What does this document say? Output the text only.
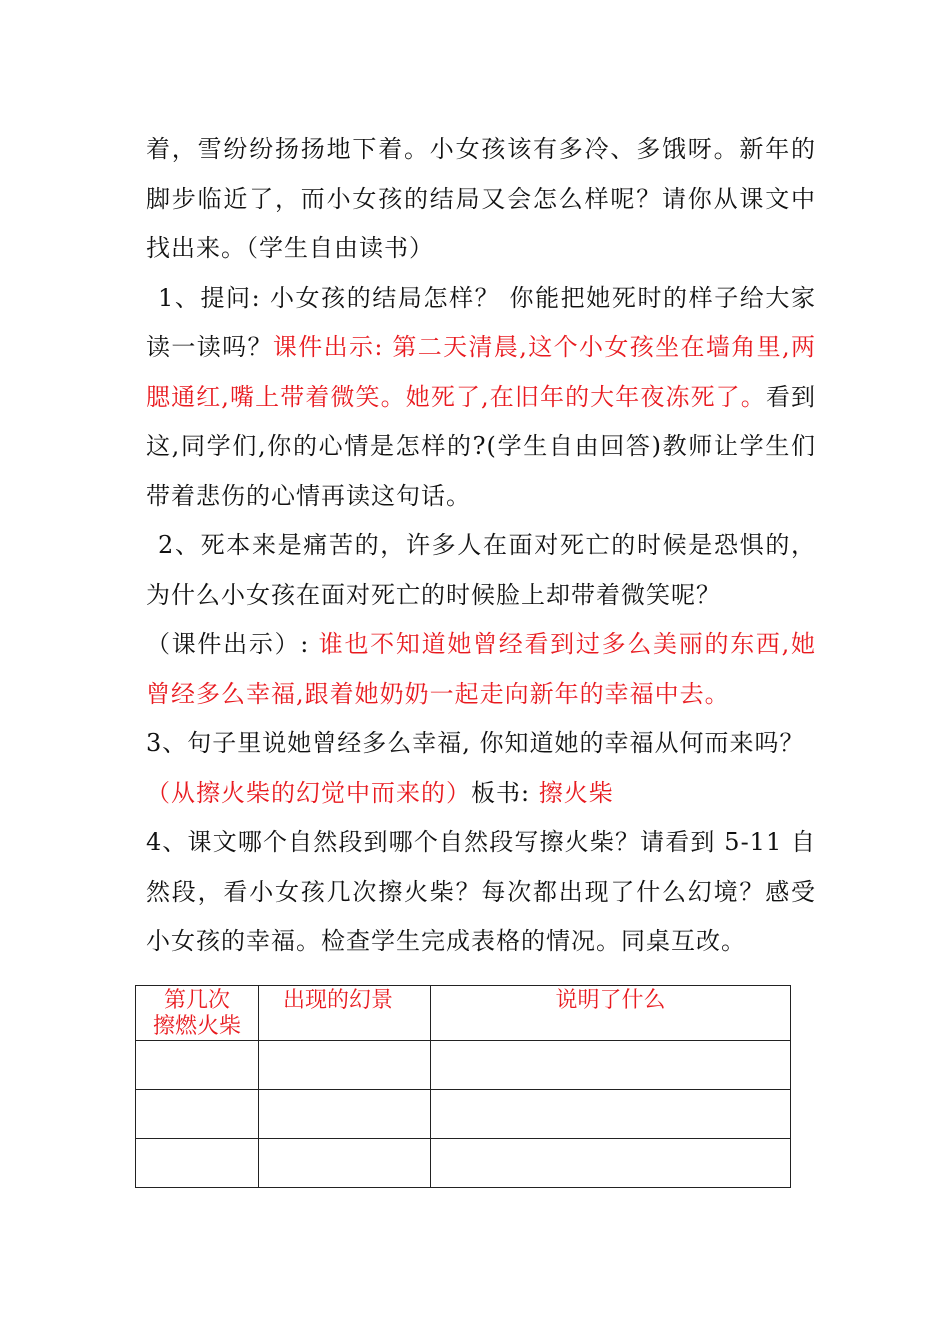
着，雪纷纷扬扬地下着。小女孩该有多冷、多饿呀。新年的脚步临近了，而小女孩的结局又会怎么样呢？请你从课文中找出来。（学生自由读书）

1、提问: 小女孩的结局怎样？ 你能把她死时的样子给大家读一读吗？课件出示: 第二天清晨,这个小女孩坐在墙角里,两腮通红,嘴上带着微笑。她死了,在旧年的大年夜冻死了。看到这,同学们,你的心情是怎样的?(学生自由回答)教师让学生们带着悲伤的心情再读这句话。

2、死本来是痛苦的，许多人在面对死亡的时候是恐惧的，为什么小女孩在面对死亡的时候脸上却带着微笑呢？
（课件出示）: 谁也不知道她曾经看到过多么美丽的东西,她曾经多么幸福,跟着她奶奶一起走向新年的幸福中去。

3、句子里说她曾经多么幸福, 你知道她的幸福从何而来吗？
（从擦火柴的幻觉中而来的）板书: 擦火柴

4、课文哪个自然段到哪个自然段写擦火柴？请看到 5-11 自然段，看小女孩几次擦火柴？每次都出现了什么幻境？感受小女孩的幸福。检查学生完成表格的情况。同桌互改。

第几次
擦燃火柴	出现的幻景	说明了什么
